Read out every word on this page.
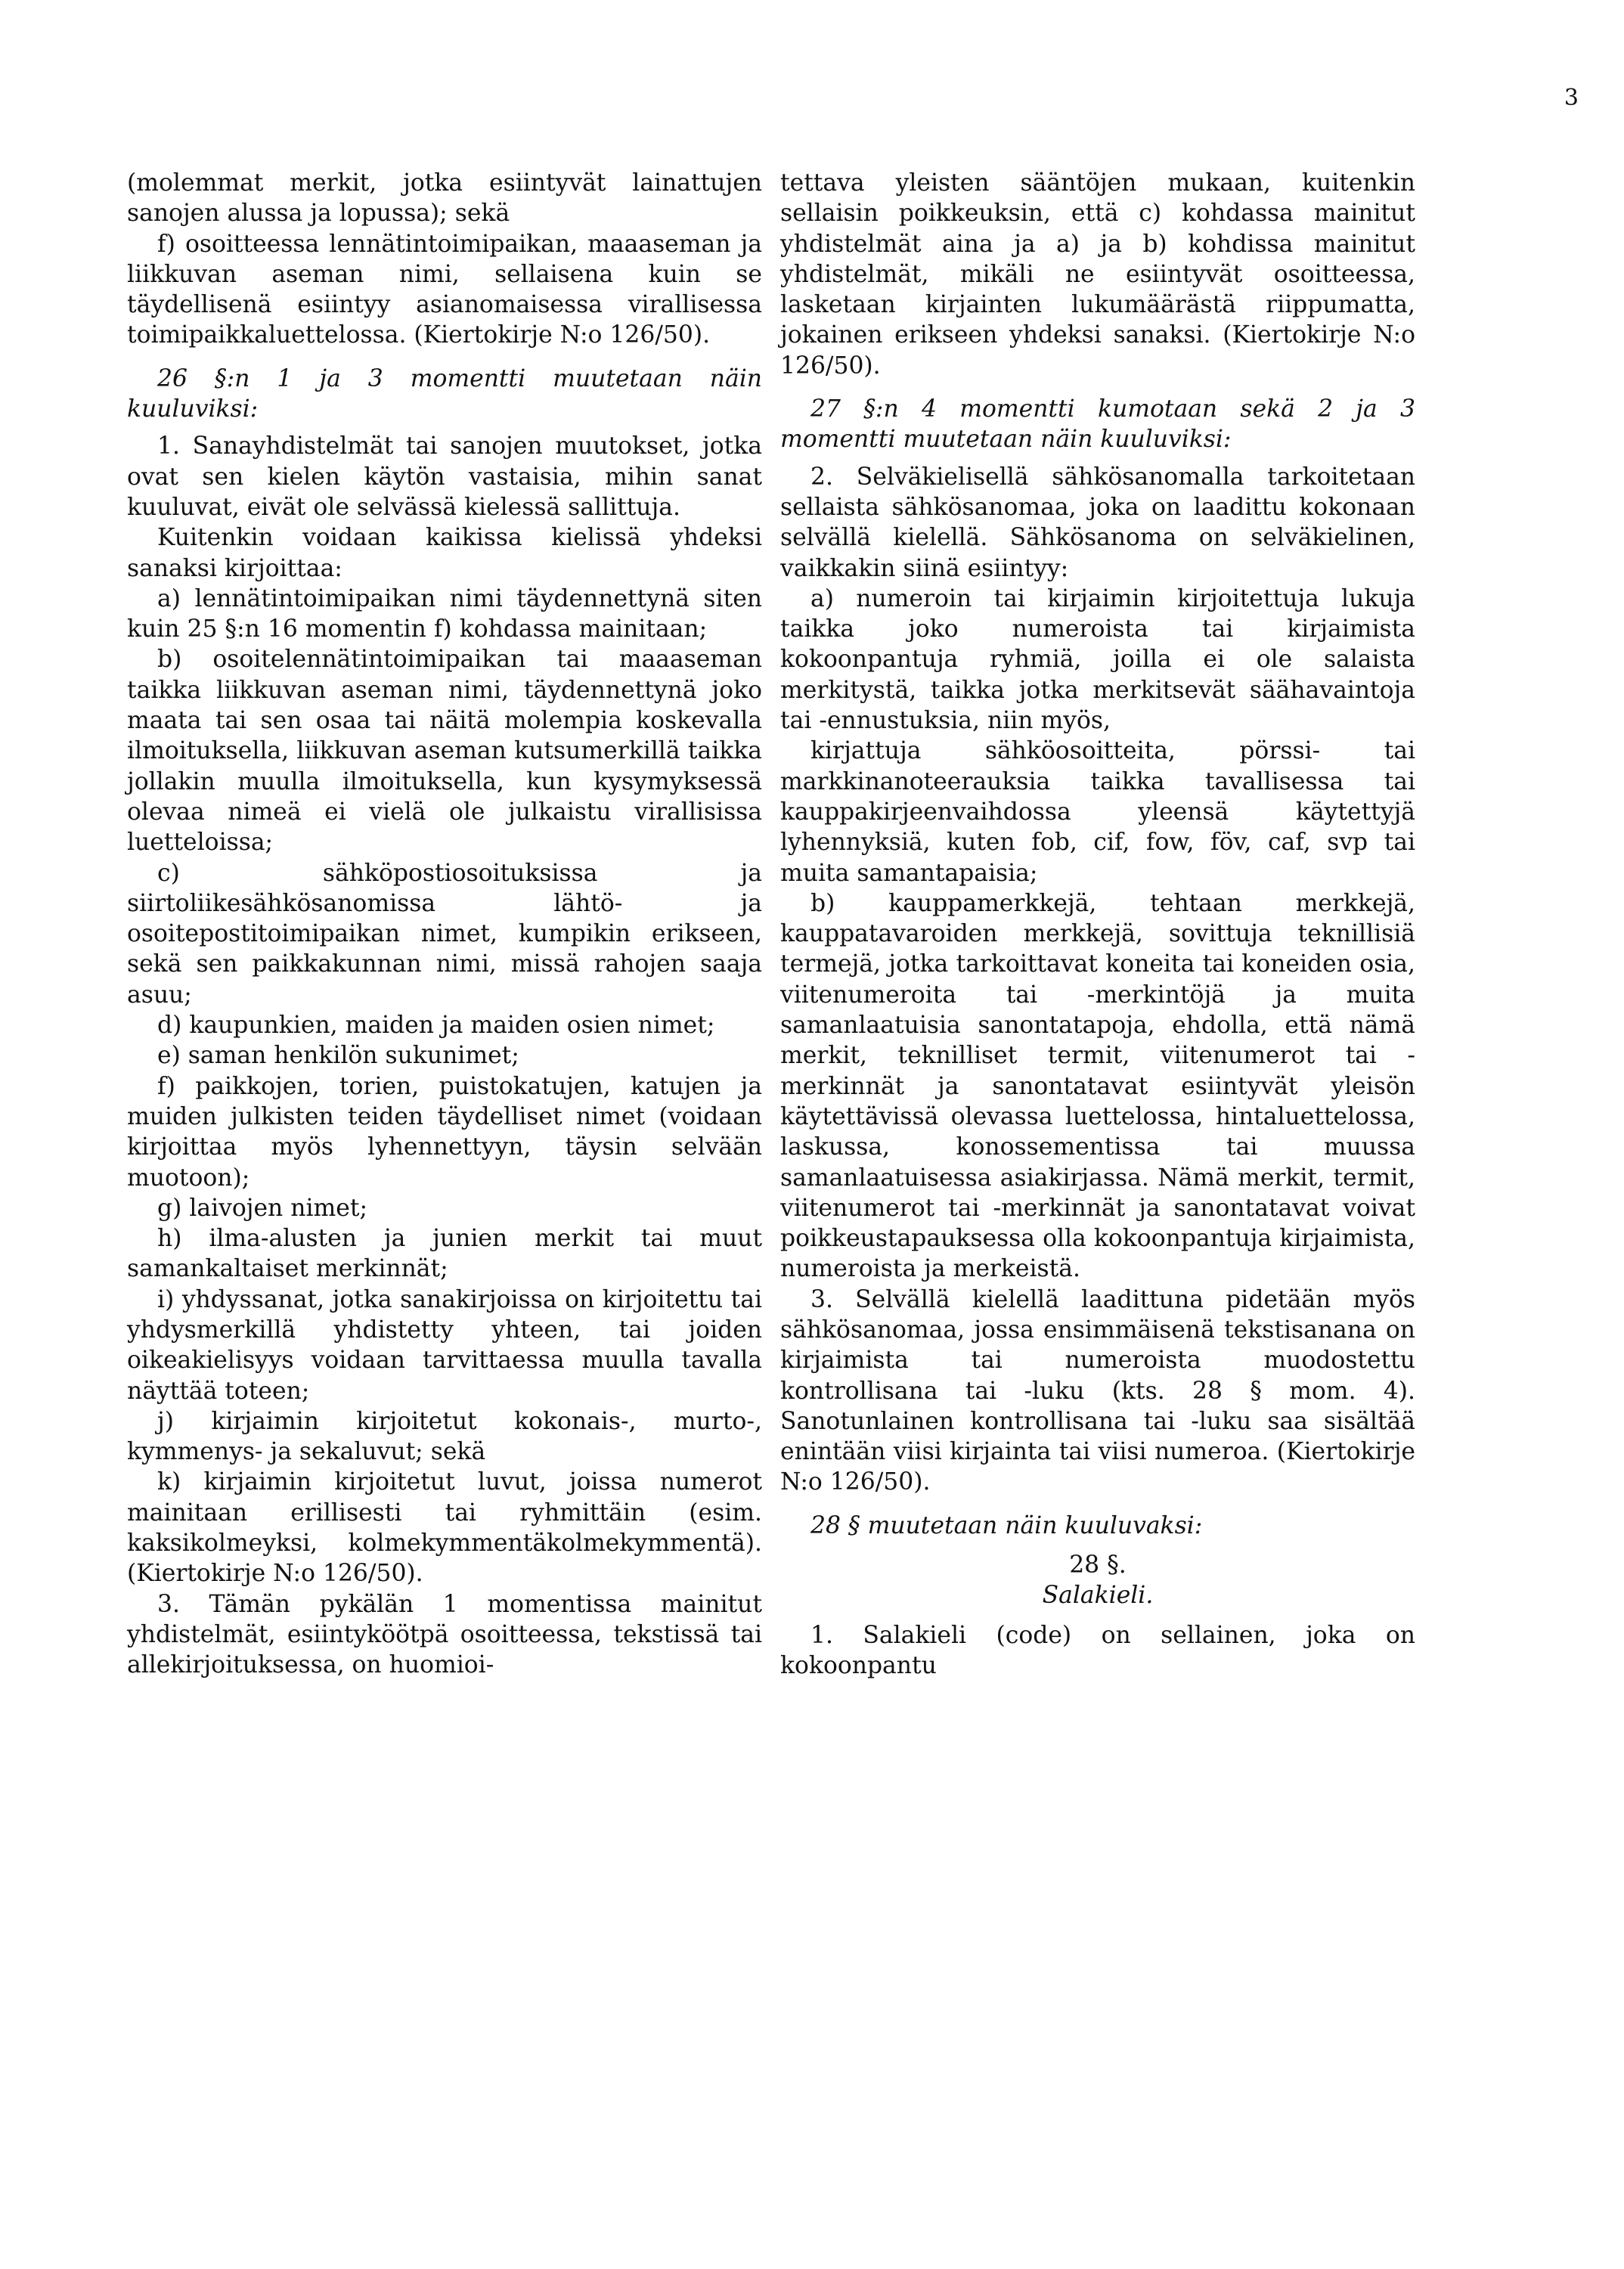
3

(molemmat merkit, jotka esiintyvät lainattujen sanojen alussa ja lopussa); sekä

f) osoitteessa lennätintoimipaikan, maaaseman ja liikkuvan aseman nimi, sellaisena kuin se täydellisenä esiintyy asianomaisessa virallisessa toimipaikkaluettelossa. (Kiertokirje N:o 126/50).

26 §:n 1 ja 3 momentti muutetaan näin kuuluviksi:

1. Sanayhdistelmät tai sanojen muutokset, jotka ovat sen kielen käytön vastaisia, mihin sanat kuuluvat, eivät ole selvässä kielessä sallittuja.

Kuitenkin voidaan kaikissa kielissä yhdeksi sanaksi kirjoittaa:

a) lennätintoimipaikan nimi täydennettynä siten kuin 25 §:n 16 momentin f) kohdassa mainitaan;

b) osoitelennätintoimipaikan tai maaaseman taikka liikkuvan aseman nimi, täydennettynä joko maata tai sen osaa tai näitä molempia koskevalla ilmoituksella, liikkuvan aseman kutsumerkillä taikka jollakin muulla ilmoituksella, kun kysymyksessä olevaa nimeä ei vielä ole julkaistu virallisissa luetteloissa;

c) sähköpostiosoituksissa ja siirtoliikesähkösanomissa lähtö- ja osoitepostitoimipaikan nimet, kumpikin erikseen, sekä sen paikkakunnan nimi, missä rahojen saaja asuu;

d) kaupunkien, maiden ja maiden osien nimet;

e) saman henkilön sukunimet;

f) paikkojen, torien, puistokatujen, katujen ja muiden julkisten teiden täydelliset nimet (voidaan kirjoittaa myös lyhennettyyn, täysin selvään muotoon);

g) laivojen nimet;

h) ilma-alusten ja junien merkit tai muut samankaltaiset merkinnät;

i) yhdyssanat, jotka sanakirjoissa on kirjoitettu tai yhdysmerkillä yhdistetty yhteen, tai joiden oikeakielisyys voidaan tarvittaessa muulla tavalla näyttää toteen;

j) kirjaimin kirjoitetut kokonais-, murto-, kymmenys- ja sekaluvut; sekä

k) kirjaimin kirjoitetut luvut, joissa numerot mainitaan erillisesti tai ryhmittäin (esim. kaksikolmeyksi, kolmekymmentäkolmekymmentä). (Kiertokirje N:o 126/50).

3. Tämän pykälän 1 momentissa mainitut yhdistelmät, esiintyköötpä osoitteessa, tekstissä tai allekirjoituksessa, on huomioi-

tettava yleisten sääntöjen mukaan, kuitenkin sellaisin poikkeuksin, että c) kohdassa mainitut yhdistelmät aina ja a) ja b) kohdissa mainitut yhdistelmät, mikäli ne esiintyvät osoitteessa, lasketaan kirjainten lukumäärästä riippumatta, jokainen erikseen yhdeksi sanaksi. (Kiertokirje N:o 126/50).

27 §:n 4 momentti kumotaan sekä 2 ja 3 momentti muutetaan näin kuuluviksi:

2. Selväkielisellä sähkösanomalla tarkoitetaan sellaista sähkösanomaa, joka on laadittu kokonaan selvällä kielellä. Sähkösanoma on selväkielinen, vaikkakin siinä esiintyy:

a) numeroin tai kirjaimin kirjoitettuja lukuja taikka joko numeroista tai kirjaimista kokoonpantuja ryhmiä, joilla ei ole salaista merkitystä, taikka jotka merkitsevät säähavaintoja tai -ennustuksia, niin myös,

kirjattuja sähköosoitteita, pörssi- tai markkinanoteerauksia taikka tavallisessa tai kauppakirjeenvaihdossa yleensä käytettyjä lyhennyksiä, kuten fob, cif, fow, föv, caf, svp tai muita samantapaisia;

b) kauppamerkkejä, tehtaan merkkejä, kauppatavaroiden merkkejä, sovittuja teknillisiä termejä, jotka tarkoittavat koneita tai koneiden osia, viitenumeroita tai -merkintöjä ja muita samanlaatuisia sanontatapoja, ehdolla, että nämä merkit, teknilliset termit, viitenumerot tai -merkinnät ja sanontatavat esiintyvät yleisön käytettävissä olevassa luettelossa, hintaluettelossa, laskussa, konossementissa tai muussa samanlaatuisessa asiakirjassa. Nämä merkit, termit, viitenumerot tai -merkinnät ja sanontatavat voivat poikkeustapauksessa olla kokoonpantuja kirjaimista, numeroista ja merkeistä.

3. Selvällä kielellä laadittuna pidetään myös sähkösanomaa, jossa ensimmäisenä tekstisanana on kirjaimista tai numeroista muodostettu kontrollisana tai -luku (kts. 28 § mom. 4). Sanotunlainen kontrollisana tai -luku saa sisältää enintään viisi kirjainta tai viisi numeroa. (Kiertokirje N:o 126/50).

28 § muutetaan näin kuuluvaksi:

28 §.

Salakieli.

1. Salakieli (code) on sellainen, joka on kokoonpantu
